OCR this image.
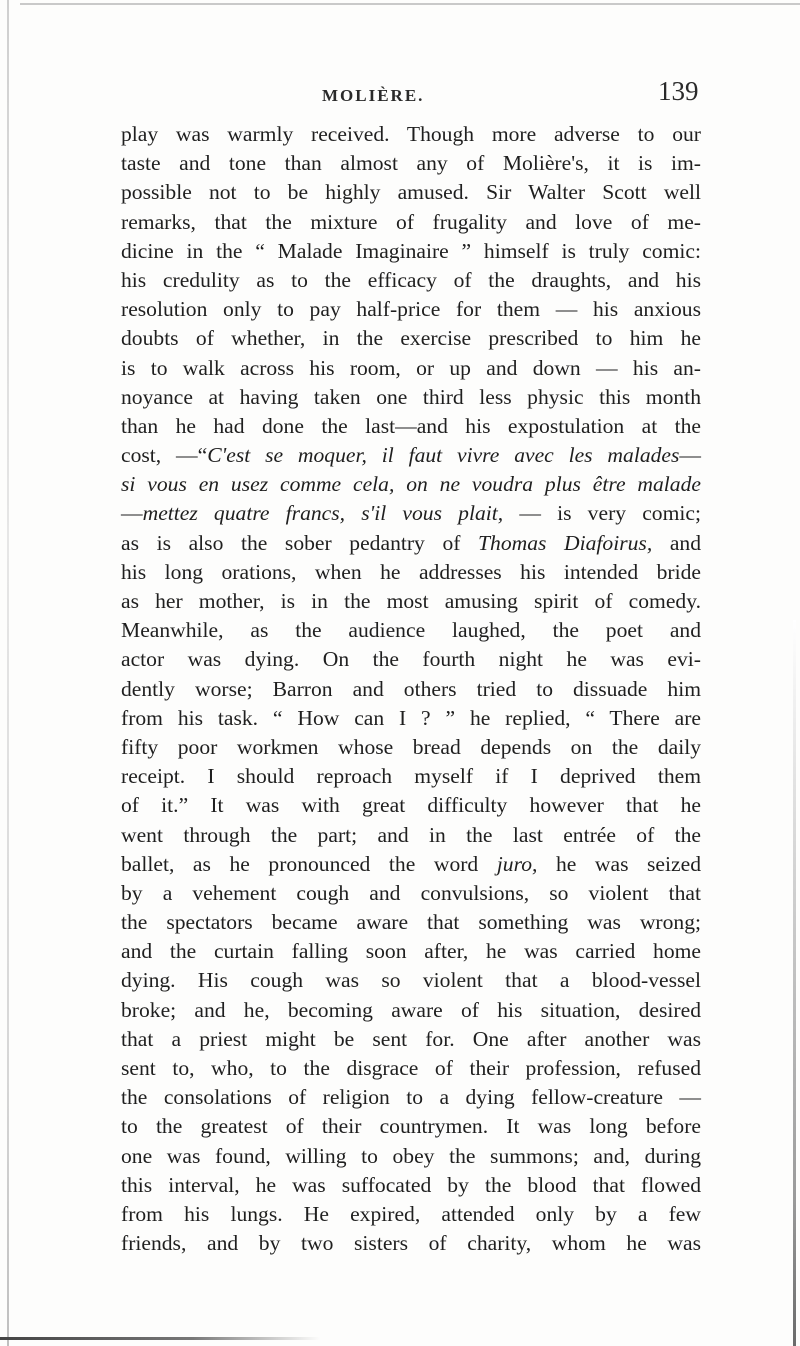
MOLIÈRE.	139
play was warmly received. Though more adverse to our
taste and tone than almost any of Molière's, it is im-
possible not to be highly amused. Sir Walter Scott well
remarks, that the mixture of frugality and love of me-
dicine in the “ Malade Imaginaire ” himself is truly comic:
his credulity as to the efficacy of the draughts, and his
resolution only to pay half-price for them — his anxious
doubts of whether, in the exercise prescribed to him he
is to walk across his room, or up and down — his an-
noyance at having taken one third less physic this month
than he had done the last—and his expostulation at the
cost, —“C'est se moquer, il faut vivre avec les malades—
si vous en usez comme cela, on ne voudra plus être malade
—mettez quatre francs, s'il vous plait, — is very comic;
as is also the sober pedantry of Thomas Diafoirus, and
his long orations, when he addresses his intended bride
as her mother, is in the most amusing spirit of comedy.
Meanwhile, as the audience laughed, the poet and
actor was dying. On the fourth night he was evi-
dently worse; Barron and others tried to dissuade him
from his task. “ How can I ? ” he replied, “ There are
fifty poor workmen whose bread depends on the daily
receipt. I should reproach myself if I deprived them
of it.” It was with great difficulty however that he
went through the part; and in the last entrée of the
ballet, as he pronounced the word juro, he was seized
by a vehement cough and convulsions, so violent that
the spectators became aware that something was wrong;
and the curtain falling soon after, he was carried home
dying. His cough was so violent that a blood-vessel
broke; and he, becoming aware of his situation, desired
that a priest might be sent for. One after another was
sent to, who, to the disgrace of their profession, refused
the consolations of religion to a dying fellow-creature —
to the greatest of their countrymen. It was long before
one was found, willing to obey the summons; and, during
this interval, he was suffocated by the blood that flowed
from his lungs. He expired, attended only by a few
friends, and by two sisters of charity, whom he was
